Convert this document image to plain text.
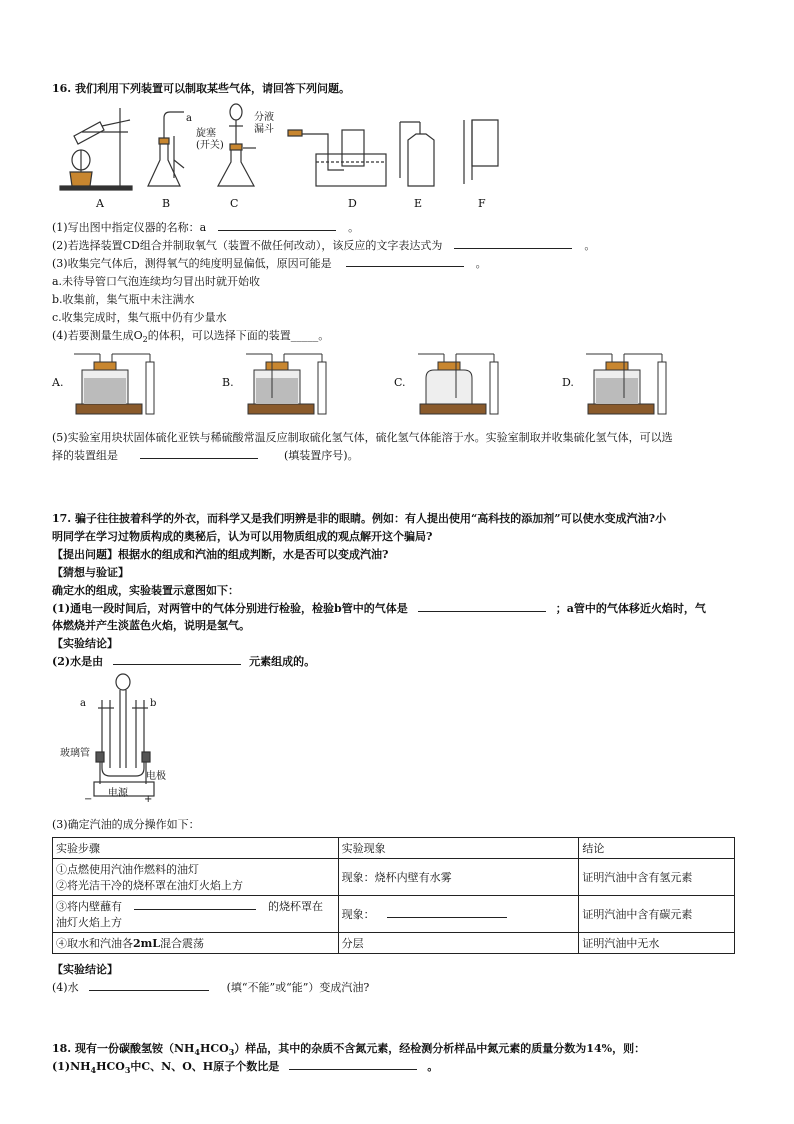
16. 我们利用下列装置可以制取某些气体，请回答下列问题。
a
旋塞
(开关)
分液
漏斗
A	B	C	D	E	F
(1)写出图中指定仪器的名称：a	。
(2)若选择装置CD组合并制取氧气（装置不做任何改动），该反应的文字表达式为	。
(3)收集完气体后，测得氧气的纯度明显偏低，原因可能是	。
a.未待导管口气泡连续均匀冒出时就开始收
b.收集前，集气瓶中未注满水
c.收集完成时，集气瓶中仍有少量水
(4)若要测量生成$O_2$的体积，可以选择下面的装置_____。
A.	B.	C.	D.
(5)实验室用块状固体硫化亚铁与稀硫酸常温反应制取硫化氢气体，硫化氢气体能溶于水。实验室制取并收集硫化氢气体，可以选
择的装置组是	(填装置序号)。
17. 骗子往往披着科学的外衣，而科学又是我们明辨是非的眼睛。例如：有人提出使用“高科技的添加剂”可以使水变成汽油?小
明同学在学习过物质构成的奥秘后，认为可以用物质组成的观点解开这个骗局?
【提出问题】根据水的组成和汽油的组成判断，水是否可以变成汽油?
【猜想与验证】
确定水的组成，实验装置示意图如下：
(1)通电一段时间后，对两管中的气体分别进行检验，检验b管中的气体是	；a管中的气体移近火焰时，气
体燃烧并产生淡蓝色火焰，说明是氢气。
【实验结论】
(2)水是由	元素组成的。
a	b
玻璃管
电极
电源
−	+
(3)确定汽油的成分操作如下：
实验步骤	实验现象	结论

①点燃使用汽油作燃料的油灯
②将光洁干冷的烧杯罩在油灯火焰上方	现象：烧杯内壁有水雾	证明汽油中含有氢元素

③将内壁蘸有 的烧杯罩在
油灯火焰上方	现象：	证明汽油中含有碳元素
④取水和汽油各2mL混合震荡	分层	证明汽油中无水
【实验结论】
(4)水	(填“不能”或“能”）变成汽油?
18. 现有一份碳酸氢铵$(NH_4HCO_3)$样品，其中的杂质不含氮元素，经检测分析样品中氮元素的质量分数为14%，则：
$(1)NH_4HCO_3$中C、N、O、H原子个数比是	。
